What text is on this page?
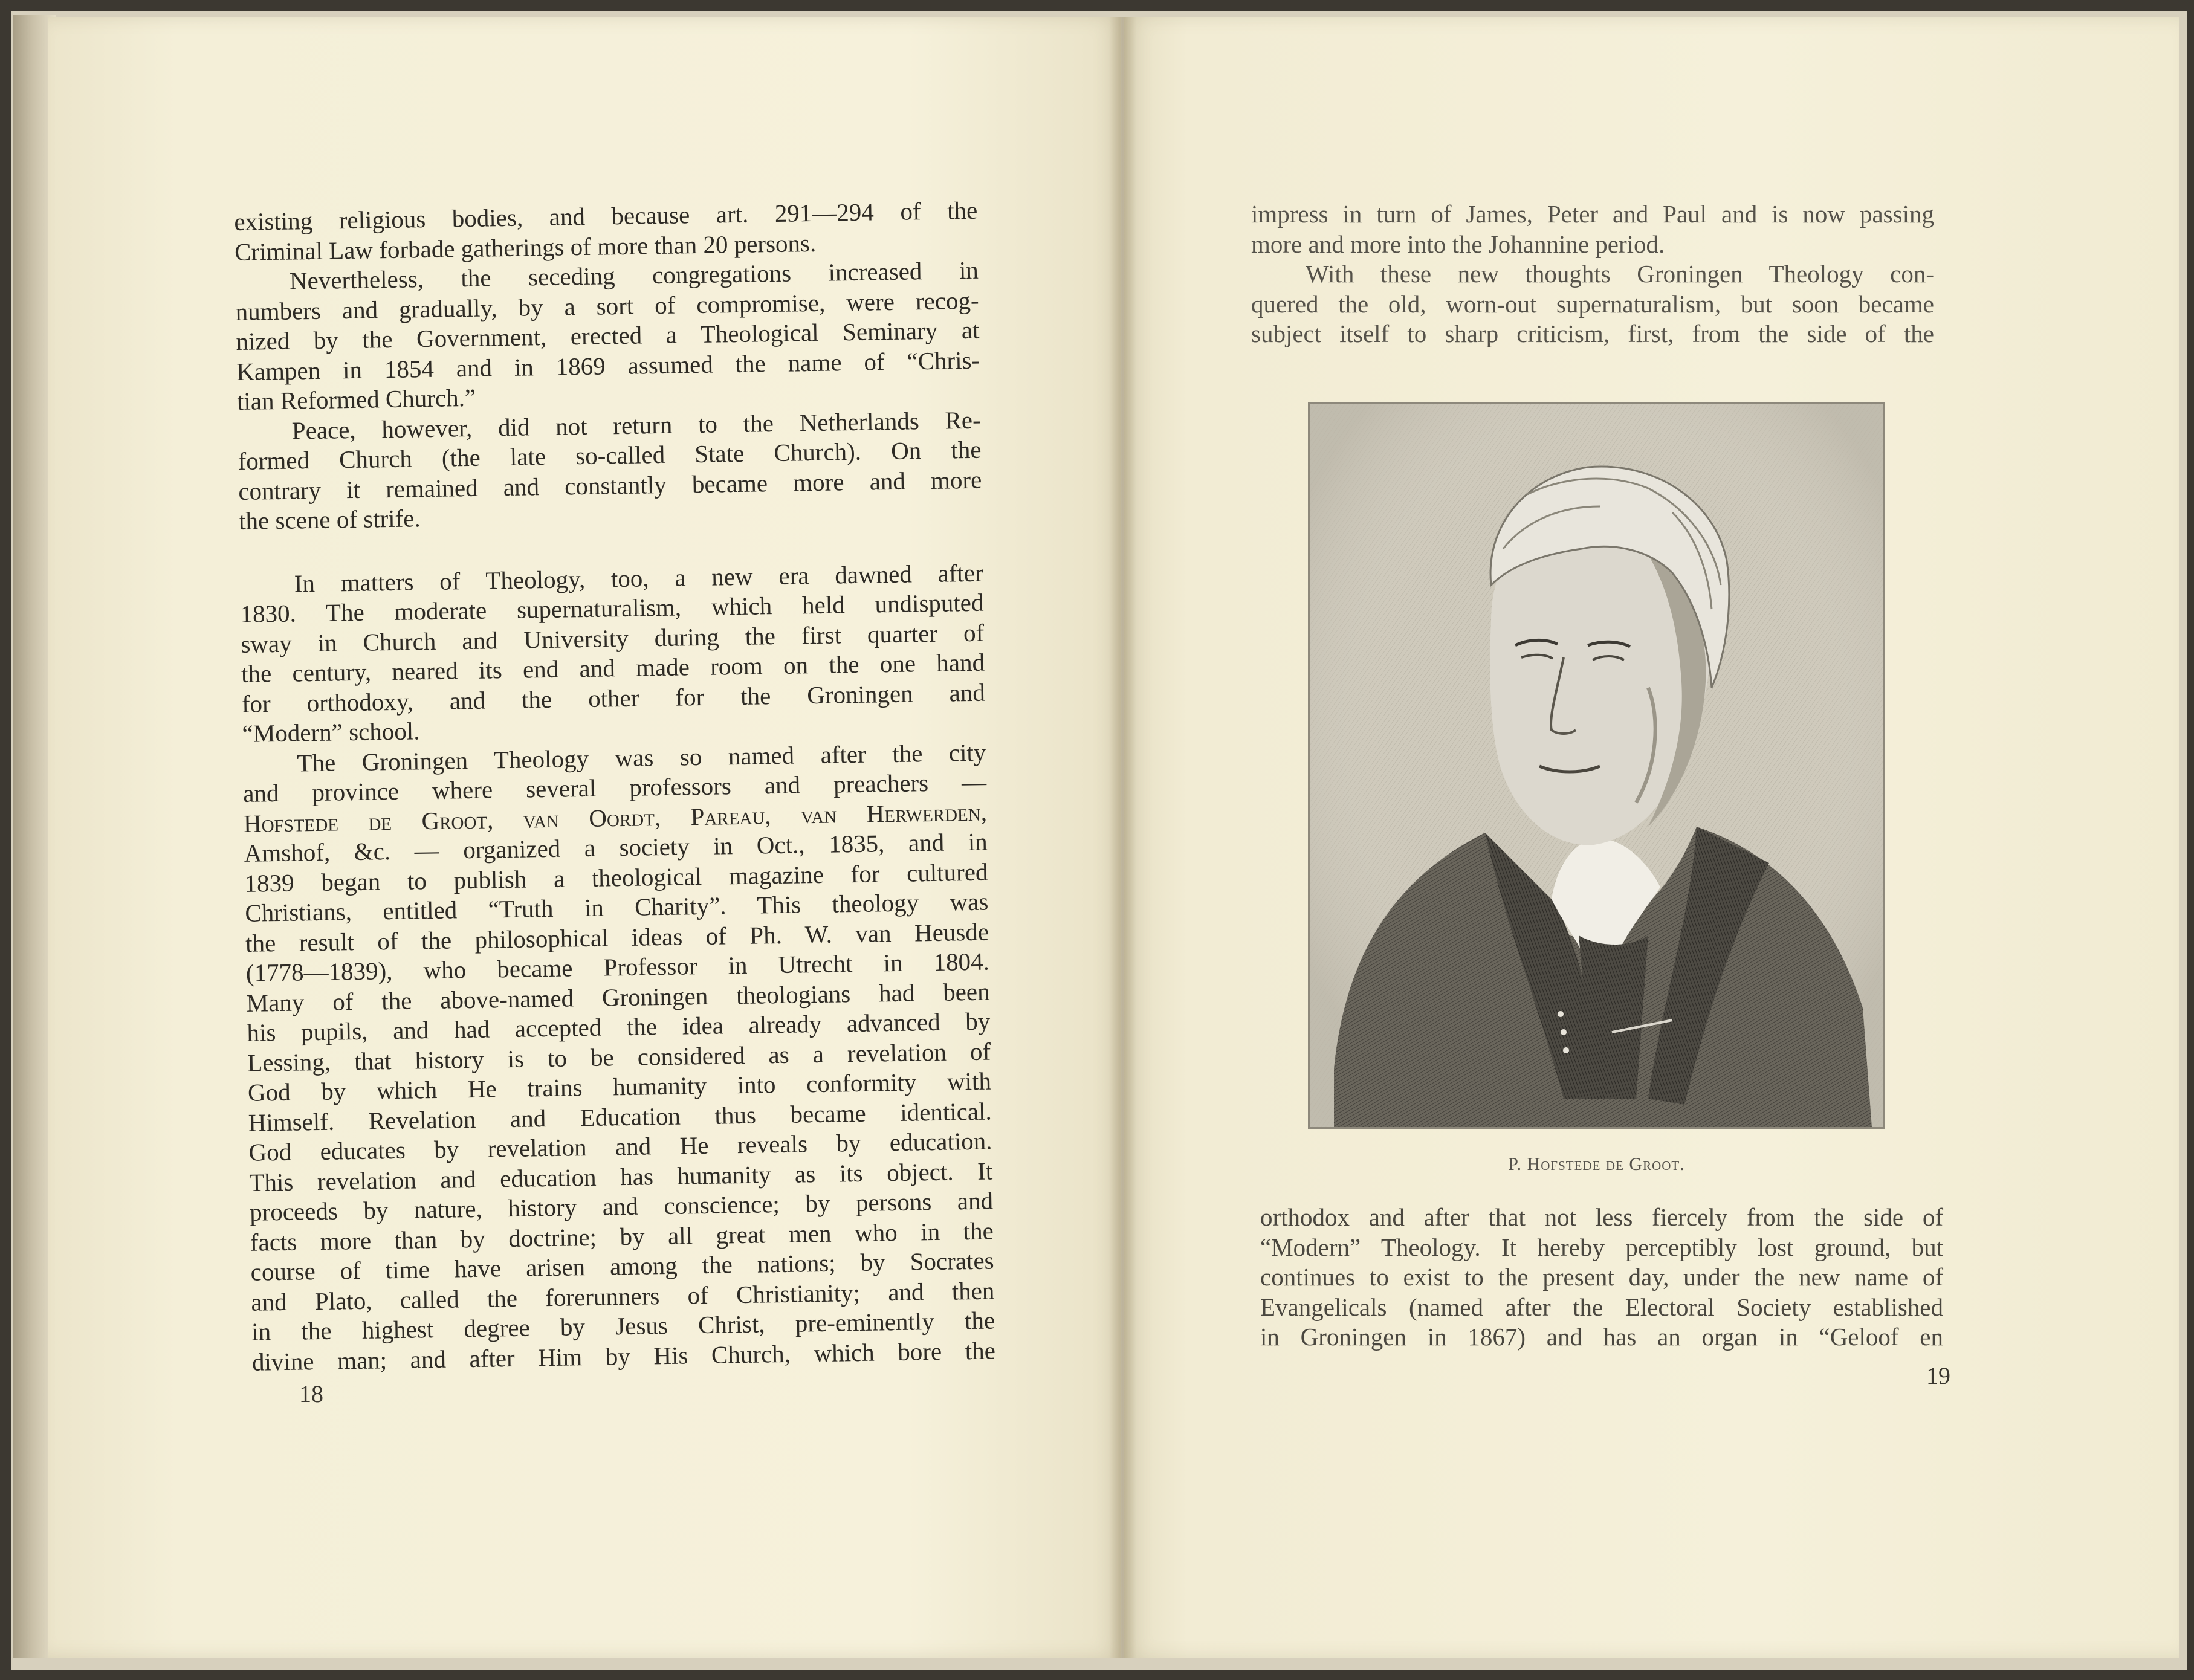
existing religious bodies, and because art. 291—294 of the
Criminal Law forbade gatherings of more than 20 persons.
Nevertheless, the seceding congregations increased in
numbers and gradually, by a sort of compromise, were recog-
nized by the Government, erected a Theological Seminary at
Kampen in 1854 and in 1869 assumed the name of “Chris-
tian Reformed Church.”
Peace, however, did not return to the Netherlands Re-
formed Church (the late so-called State Church). On the
contrary it remained and constantly became more and more
the scene of strife.
In matters of Theology, too, a new era dawned after
1830. The moderate supernaturalism, which held undisputed
sway in Church and University during the first quarter of
the century, neared its end and made room on the one hand
for orthodoxy, and the other for the Groningen and
“Modern” school.
The Groningen Theology was so named after the city
and province where several professors and preachers —
Hofstede de Groot, van Oordt, Pareau, van Herwerden,
Amshof, &c. — organized a society in Oct., 1835, and in
1839 began to publish a theological magazine for cultured
Christians, entitled “Truth in Charity”. This theology was
the result of the philosophical ideas of Ph. W. van Heusde
(1778—1839), who became Professor in Utrecht in 1804.
Many of the above-named Groningen theologians had been
his pupils, and had accepted the idea already advanced by
Lessing, that history is to be considered as a revelation of
God by which He trains humanity into conformity with
Himself. Revelation and Education thus became identical.
God educates by revelation and He reveals by education.
This revelation and education has humanity as its object. It
proceeds by nature, history and conscience; by persons and
facts more than by doctrine; by all great men who in the
course of time have arisen among the nations; by Socrates
and Plato, called the forerunners of Christianity; and then
in the highest degree by Jesus Christ, pre-eminently the
divine man; and after Him by His Church, which bore the
18
impress in turn of James, Peter and Paul and is now passing
more and more into the Johannine period.
With these new thoughts Groningen Theology con-
quered the old, worn-out supernaturalism, but soon became
subject itself to sharp criticism, first, from the side of the
P. Hofstede de Groot.
orthodox and after that not less fiercely from the side of
“Modern” Theology. It hereby perceptibly lost ground, but
continues to exist to the present day, under the new name of
Evangelicals (named after the Electoral Society established
in Groningen in 1867) and has an organ in “Geloof en
19
